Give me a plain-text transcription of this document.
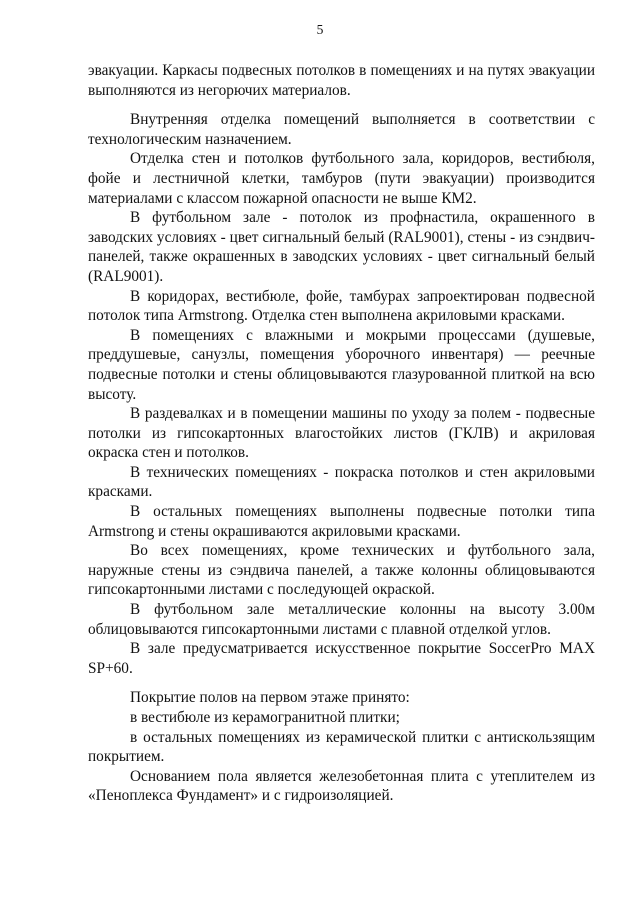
5

эвакуации. Каркасы подвесных потолков в помещениях и на путях эвакуации выполняются из негорючих материалов.

Внутренняя отделка помещений выполняется в соответствии с технологическим назначением.

Отделка стен и потолков футбольного зала, коридоров, вестибюля, фойе и лестничной клетки, тамбуров (пути эвакуации) производится материалами с классом пожарной опасности не выше КМ2.

В футбольном зале - потолок из профнастила, окрашенного в заводских условиях - цвет сигнальный белый (RAL9001), стены - из сэндвич-панелей, также окрашенных в заводских условиях - цвет сигнальный белый (RAL9001).

В коридорах, вестибюле, фойе, тамбурах запроектирован подвесной потолок типа Armstrong. Отделка стен выполнена акриловыми красками.

В помещениях с влажными и мокрыми процессами (душевые, преддушевые, санузлы, помещения уборочного инвентаря) — реечные подвесные потолки и стены облицовываются глазурованной плиткой на всю высоту.

В раздевалках и в помещении машины по уходу за полем - подвесные потолки из гипсокартонных влагостойких листов (ГКЛВ) и акриловая окраска стен и потолков.

В технических помещениях - покраска потолков и стен акриловыми красками.

В остальных помещениях выполнены подвесные потолки типа Armstrong и стены окрашиваются акриловыми красками.

Во всех помещениях, кроме технических и футбольного зала, наружные стены из сэндвича панелей, а также колонны облицовываются гипсокартонными листами с последующей окраской.

В футбольном зале металлические колонны на высоту 3.00м облицовываются гипсокартонными листами с плавной отделкой углов.

В зале предусматривается искусственное покрытие SoccerPro MAX SP+60.

Покрытие полов на первом этаже принято:

в вестибюле из керамогранитной плитки;

в остальных помещениях из керамической плитки с антискользящим покрытием.

Основанием пола является железобетонная плита с утеплителем из «Пеноплекса Фундамент» и с гидроизоляцией.
